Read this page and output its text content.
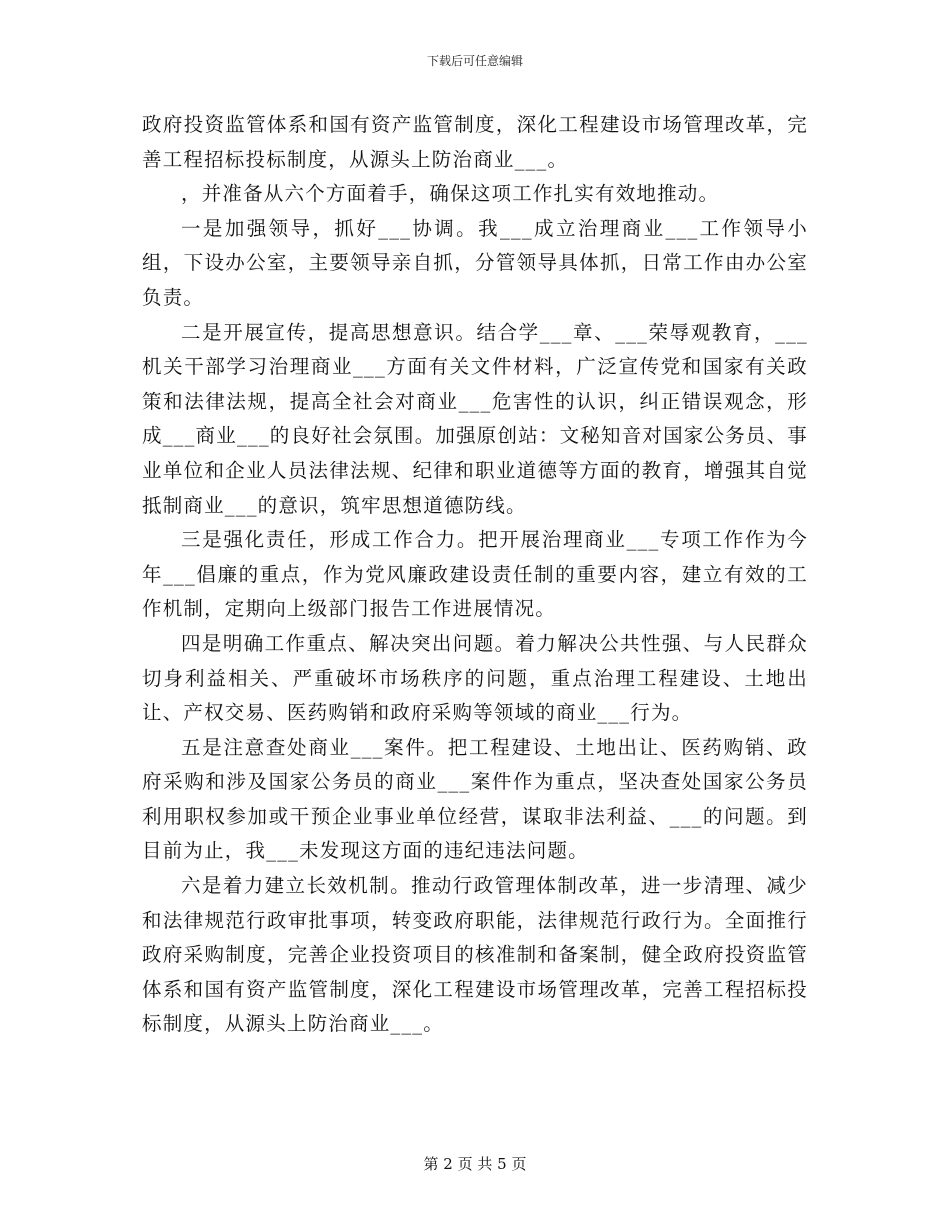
下载后可任意编辑

政府投资监管体系和国有资产监管制度，深化工程建设市场管理改革，完善工程招标投标制度，从源头上防治商业___。

，并准备从六个方面着手，确保这项工作扎实有效地推动。

一是加强领导，抓好___协调。我___成立治理商业___工作领导小组，下设办公室，主要领导亲自抓，分管领导具体抓，日常工作由办公室负责。

二是开展宣传，提高思想意识。结合学___章、___荣辱观教育，___机关干部学习治理商业___方面有关文件材料，广泛宣传党和国家有关政策和法律法规，提高全社会对商业___危害性的认识，纠正错误观念，形成___商业___的良好社会氛围。加强原创站：文秘知音对国家公务员、事业单位和企业人员法律法规、纪律和职业道德等方面的教育，增强其自觉抵制商业___的意识，筑牢思想道德防线。

三是强化责任，形成工作合力。把开展治理商业___专项工作作为今年___倡廉的重点，作为党风廉政建设责任制的重要内容，建立有效的工作机制，定期向上级部门报告工作进展情况。

四是明确工作重点、解决突出问题。着力解决公共性强、与人民群众切身利益相关、严重破坏市场秩序的问题，重点治理工程建设、土地出让、产权交易、医药购销和政府采购等领域的商业___行为。

五是注意查处商业___案件。把工程建设、土地出让、医药购销、政府采购和涉及国家公务员的商业___案件作为重点，坚决查处国家公务员利用职权参加或干预企业事业单位经营，谋取非法利益、___的问题。到目前为止，我___未发现这方面的违纪违法问题。

六是着力建立长效机制。推动行政管理体制改革，进一步清理、减少和法律规范行政审批事项，转变政府职能，法律规范行政行为。全面推行政府采购制度，完善企业投资项目的核准制和备案制，健全政府投资监管体系和国有资产监管制度，深化工程建设市场管理改革，完善工程招标投标制度，从源头上防治商业___。

第 2 页 共 5 页
